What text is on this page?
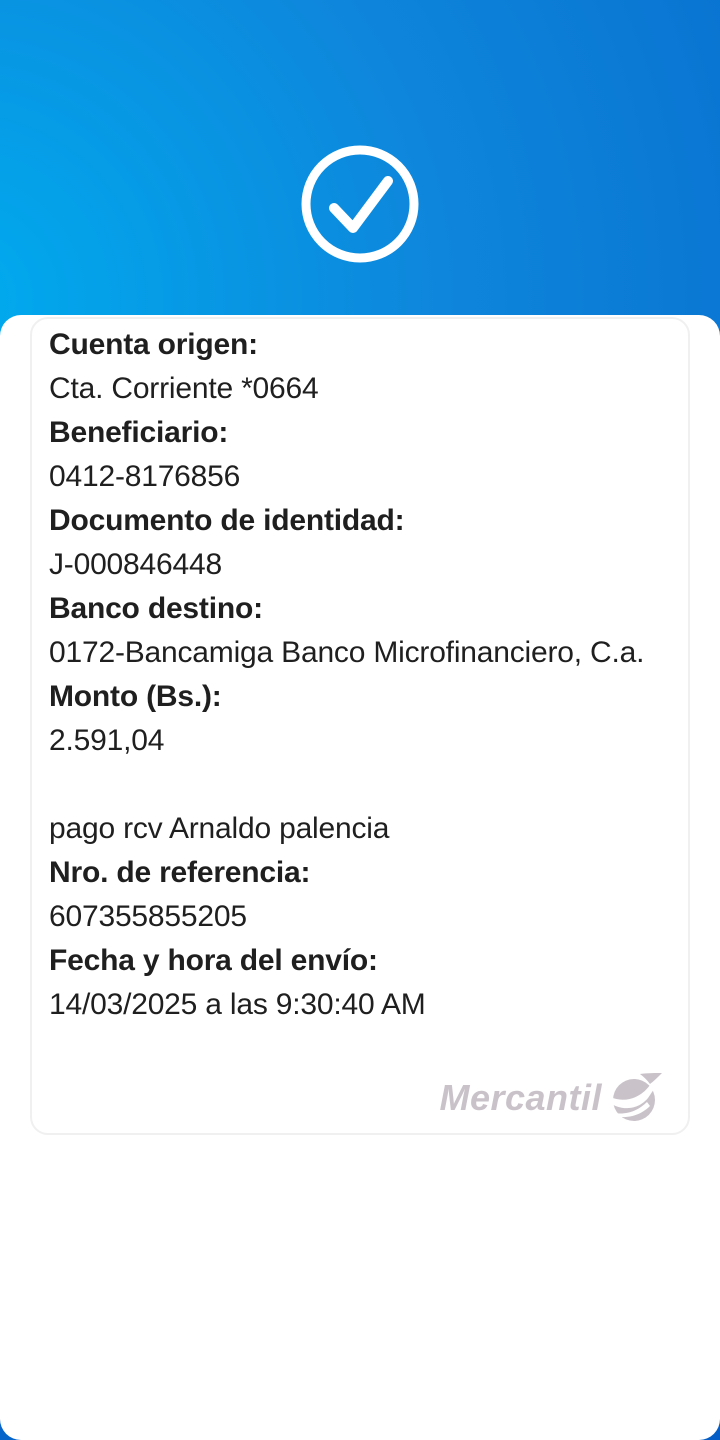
Cuenta origen:
Cta. Corriente *0664
Beneficiario:
0412-8176856
Documento de identidad:
J-000846448
Banco destino:
0172-Bancamiga Banco Microfinanciero, C.a.
Monto (Bs.):
2.591,04
pago rcv Arnaldo palencia
Nro. de referencia:
607355855205
Fecha y hora del envío:
14/03/2025 a las 9:30:40 AM
Mercantil
